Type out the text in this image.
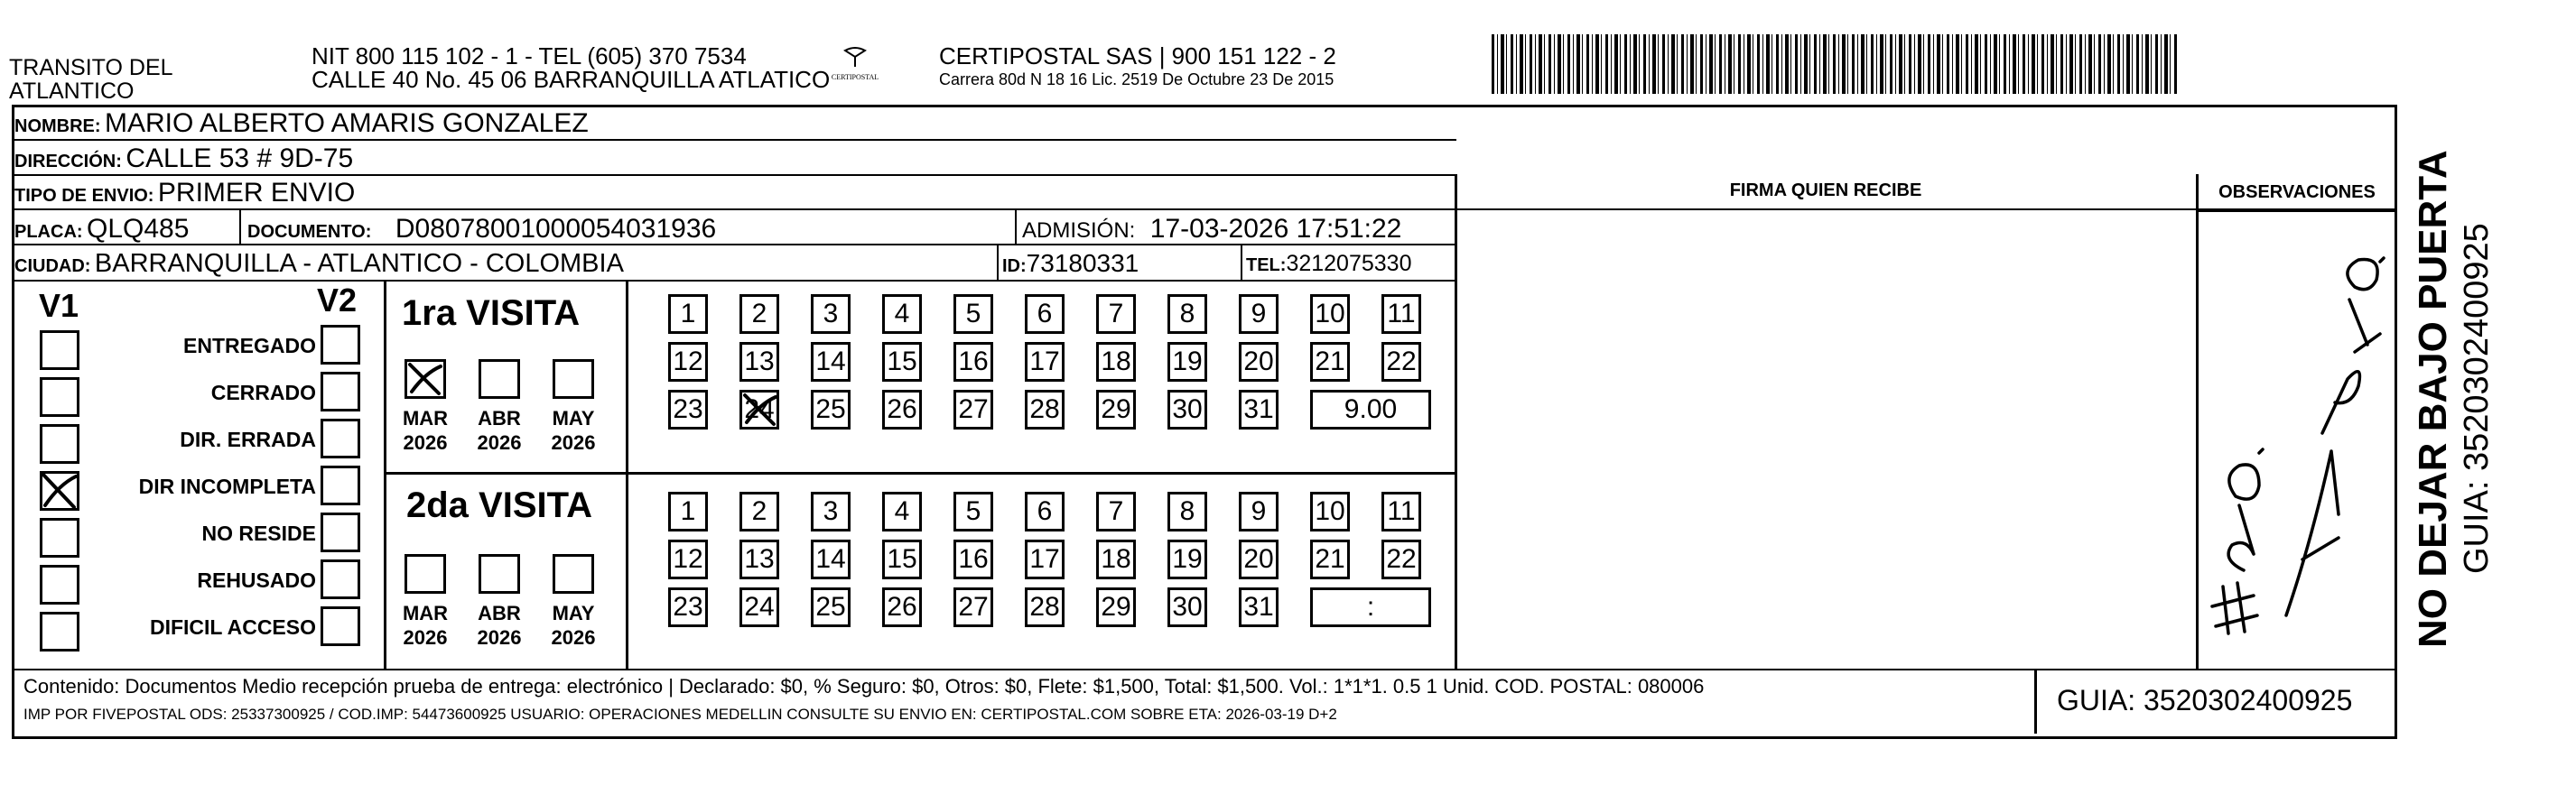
TRANSITO DEL
ATLANTICO
NIT 800 115 102 - 1 - TEL (605) 370 7534
CALLE 40 No. 45 06 BARRANQUILLA ATLATICO CERTIPOSTAL
CERTIPOSTAL SAS | 900 151 122 - 2
Carrera 80d N 18 16 Lic. 2519 De Octubre 23 De 2015
NOMBRE: MARIO ALBERTO AMARIS GONZALEZ
DIRECCIÓN: CALLE 53 # 9D-75
TIPO DE ENVIO: PRIMER ENVIO	FIRMA QUIEN RECIBE	OBSERVACIONES
PLACA: QLQ485	DOCUMENTO: D08078001000054031936	ADMISIÓN: 17-03-2026 17:51:22
CIUDAD: BARRANQUILLA - ATLANTICO - COLOMBIA	ID:73180331	TEL:3212075330
V1	V2
ENTREGADO
CERRADO
DIR. ERRADA
DIR INCOMPLETA
NO RESIDE
REHUSADO
DIFICIL ACCESO
1ra VISITA
MAR
2026
ABR
2026
MAY
2026
1	2	3	4	5	6	7	8	9	10 11
12 13 14 15 16 17 18 19 20 21 22
23 24 25 26 27 28 29 30 31	9.00
2da VISITA
MAR
2026
ABR
2026
MAY
2026
1	2	3	4	5	6	7	8	9	10 11
12 13 14 15 16 17 18 19 20 21 22
23 24 25 26 27 28 29 30 31	:	NO DEJAR BAJO PUERTA GUIA: 3520302400925
Contenido: Documentos Medio recepción prueba de entrega: electrónico | Declarado: $0, % Seguro: $0, Otros: $0, Flete: $1,500, Total: $1,500. Vol.: 1*1*1. 0.5 1 Unid. COD. POSTAL: 080006
IMP POR FIVEPOSTAL ODS: 25337300925 / COD.IMP: 54473600925 USUARIO: OPERACIONES MEDELLIN CONSULTE SU ENVIO EN: CERTIPOSTAL.COM SOBRE ETA: 2026-03-19 D+2	GUIA: 3520302400925
